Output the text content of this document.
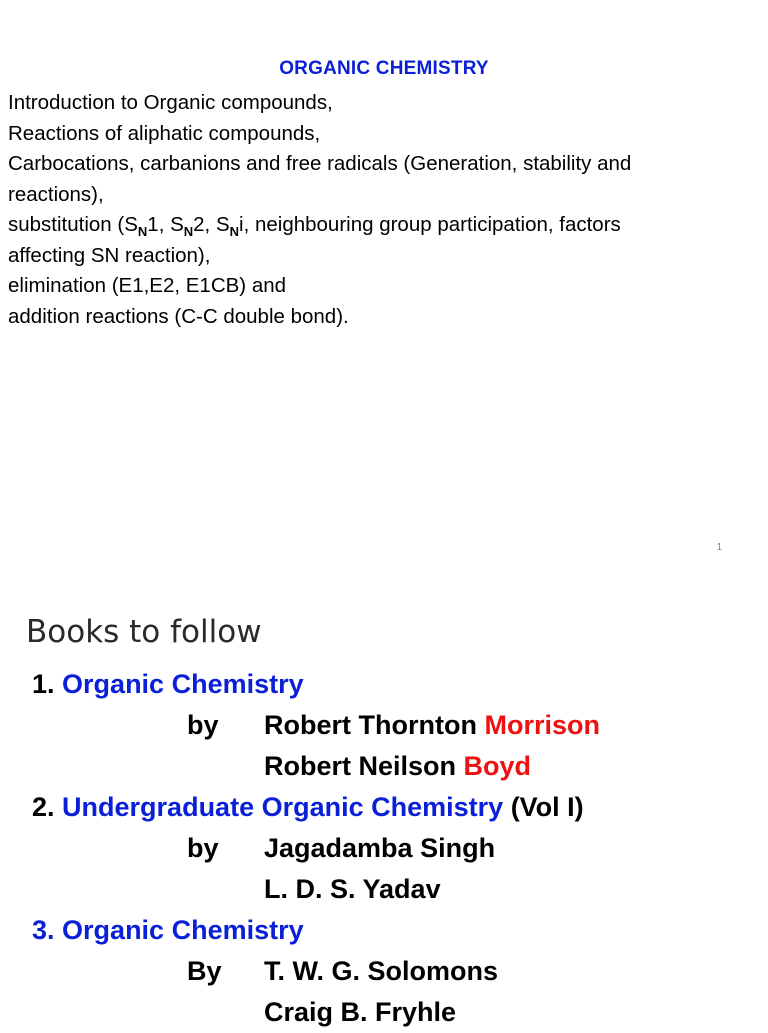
ORGANIC CHEMISTRY
Introduction to Organic compounds,
Reactions of aliphatic compounds,
Carbocations, carbanions and free radicals (Generation, stability and
reactions),
substitution ($S_N1$, $S_N2$, $S_Ni$, neighbouring group participation, factors
affecting SN reaction),
elimination (E1,E2, E1CB) and
addition reactions (C-C double bond).
1
Books to follow
1. Organic Chemistry
by Robert Thornton Morrison
Robert Neilson Boyd
2. Undergraduate Organic Chemistry (Vol I)
by Jagadamba Singh
L. D. S. Yadav
3. Organic Chemistry
By T. W. G. Solomons
Craig B. Fryhle
